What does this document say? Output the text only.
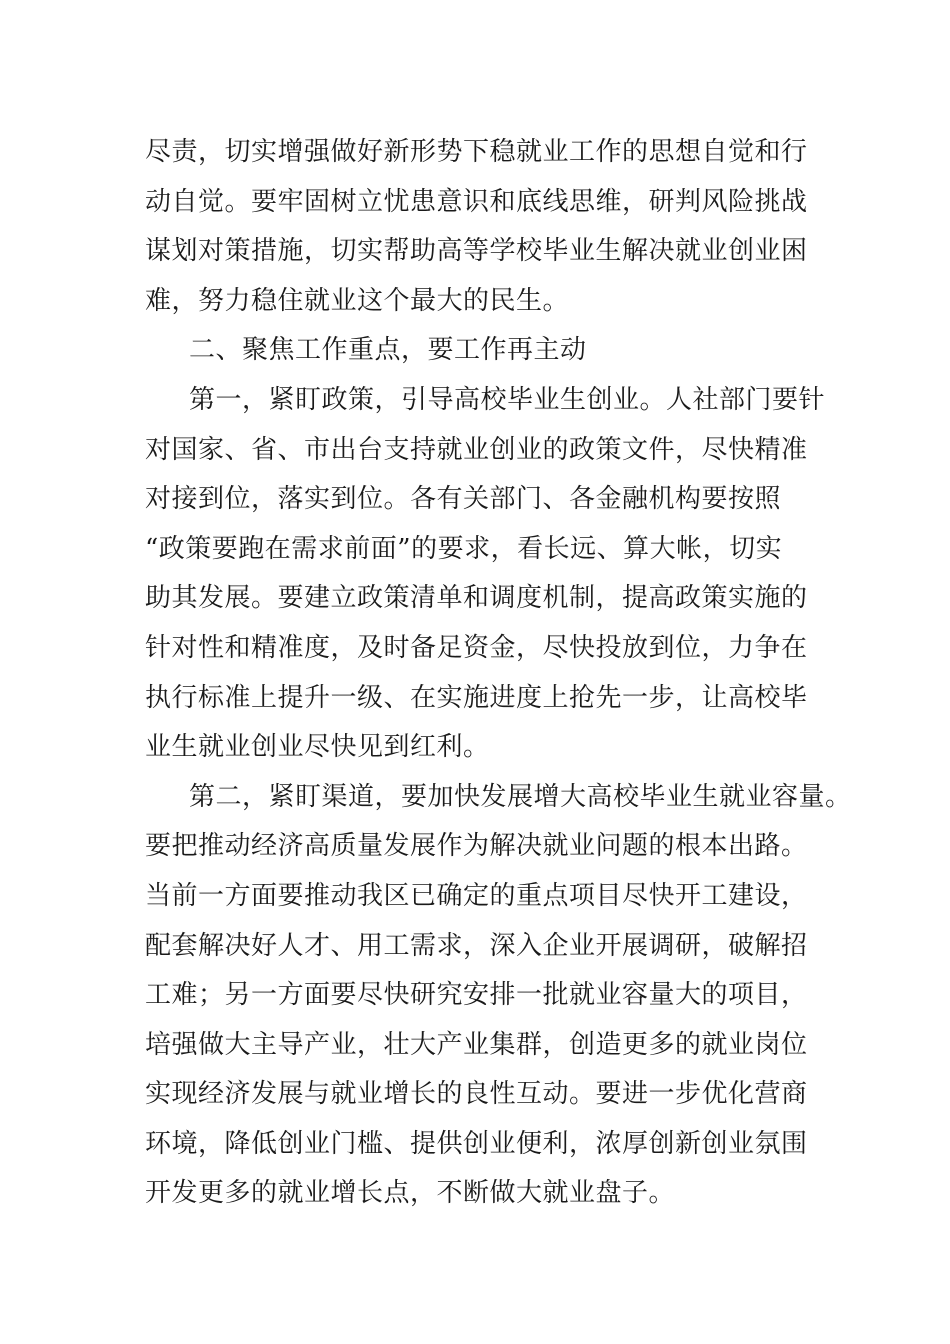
尽责，切实增强做好新形势下稳就业工作的思想自觉和行
动自觉。要牢固树立忧患意识和底线思维，研判风险挑战
谋划对策措施，切实帮助高等学校毕业生解决就业创业困
难，努力稳住就业这个最大的民生。
二、聚焦工作重点，要工作再主动
第一，紧盯政策，引导高校毕业生创业。人社部门要针
对国家、省、市出台支持就业创业的政策文件，尽快精准
对接到位，落实到位。各有关部门、各金融机构要按照
“政策要跑在需求前面”的要求，看长远、算大帐，切实
助其发展。要建立政策清单和调度机制，提高政策实施的
针对性和精准度，及时备足资金，尽快投放到位，力争在
执行标准上提升一级、在实施进度上抢先一步，让高校毕
业生就业创业尽快见到红利。
第二，紧盯渠道，要加快发展增大高校毕业生就业容量。
要把推动经济高质量发展作为解决就业问题的根本出路。
当前一方面要推动我区已确定的重点项目尽快开工建设，
配套解决好人才、用工需求，深入企业开展调研，破解招
工难；另一方面要尽快研究安排一批就业容量大的项目，
培强做大主导产业，壮大产业集群，创造更多的就业岗位
实现经济发展与就业增长的良性互动。要进一步优化营商
环境，降低创业门槛、提供创业便利，浓厚创新创业氛围
开发更多的就业增长点，不断做大就业盘子。
